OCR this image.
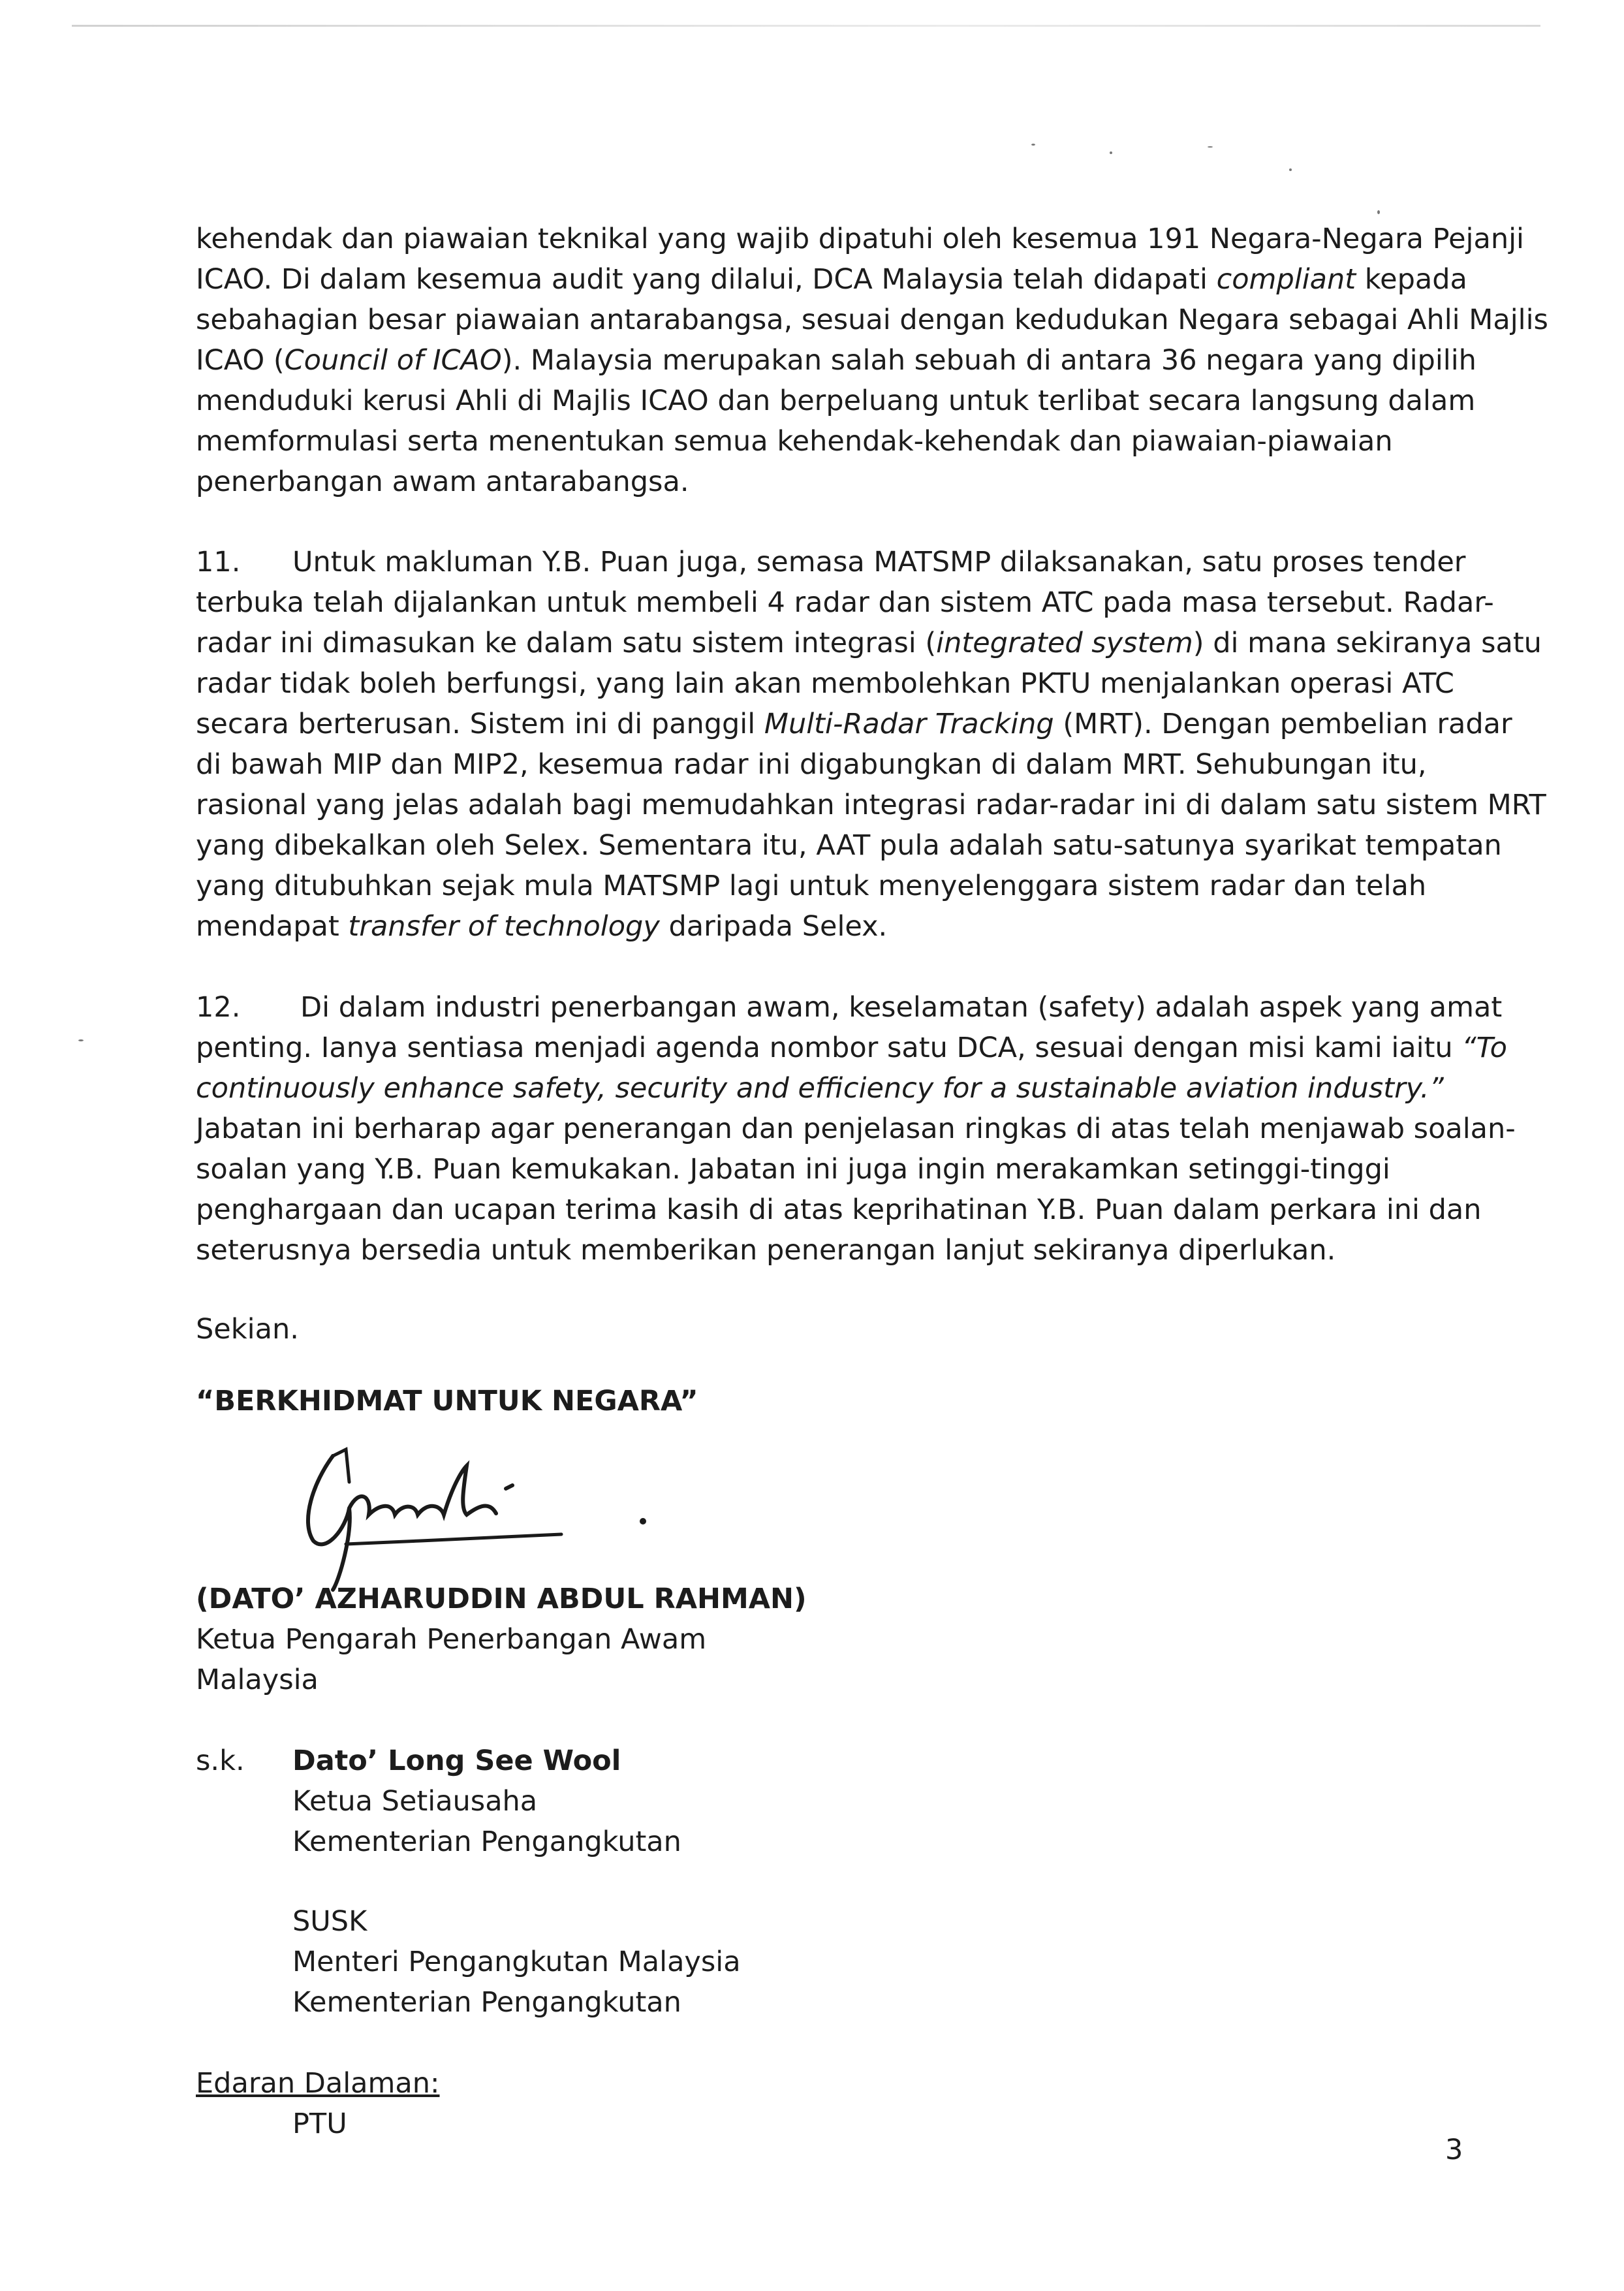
kehendak dan piawaian teknikal yang wajib dipatuhi oleh kesemua 191 Negara-Negara Pejanji
ICAO. Di dalam kesemua audit yang dilalui, DCA Malaysia telah didapati compliant kepada
sebahagian besar piawaian antarabangsa, sesuai dengan kedudukan Negara sebagai Ahli Majlis
ICAO (Council of ICAO). Malaysia merupakan salah sebuah di antara 36 negara yang dipilih
menduduki kerusi Ahli di Majlis ICAO dan berpeluang untuk terlibat secara langsung dalam
memformulasi serta menentukan semua kehendak-kehendak dan piawaian-piawaian
penerbangan awam antarabangsa.
11. Untuk makluman Y.B. Puan juga, semasa MATSMP dilaksanakan, satu proses tender
terbuka telah dijalankan untuk membeli 4 radar dan sistem ATC pada masa tersebut. Radar-
radar ini dimasukan ke dalam satu sistem integrasi (integrated system) di mana sekiranya satu
radar tidak boleh berfungsi, yang lain akan membolehkan PKTU menjalankan operasi ATC
secara berterusan. Sistem ini di panggil Multi-Radar Tracking (MRT). Dengan pembelian radar
di bawah MIP dan MIP2, kesemua radar ini digabungkan di dalam MRT. Sehubungan itu,
rasional yang jelas adalah bagi memudahkan integrasi radar-radar ini di dalam satu sistem MRT
yang dibekalkan oleh Selex. Sementara itu, AAT pula adalah satu-satunya syarikat tempatan
yang ditubuhkan sejak mula MATSMP lagi untuk menyelenggara sistem radar dan telah
mendapat transfer of technology daripada Selex.
12. Di dalam industri penerbangan awam, keselamatan (safety) adalah aspek yang amat
penting. Ianya sentiasa menjadi agenda nombor satu DCA, sesuai dengan misi kami iaitu “To
continuously enhance safety, security and efficiency for a sustainable aviation industry.”
Jabatan ini berharap agar penerangan dan penjelasan ringkas di atas telah menjawab soalan-
soalan yang Y.B. Puan kemukakan. Jabatan ini juga ingin merakamkan setinggi-tinggi
penghargaan dan ucapan terima kasih di atas keprihatinan Y.B. Puan dalam perkara ini dan
seterusnya bersedia untuk memberikan penerangan lanjut sekiranya diperlukan.
Sekian.
“BERKHIDMAT UNTUK NEGARA”
(DATO’ AZHARUDDIN ABDUL RAHMAN)
Ketua Pengarah Penerbangan Awam
Malaysia
s.k. Dato’ Long See Wool
Ketua Setiausaha
Kementerian Pengangkutan
SUSK
Menteri Pengangkutan Malaysia
Kementerian Pengangkutan
Edaran Dalaman:
PTU
3
